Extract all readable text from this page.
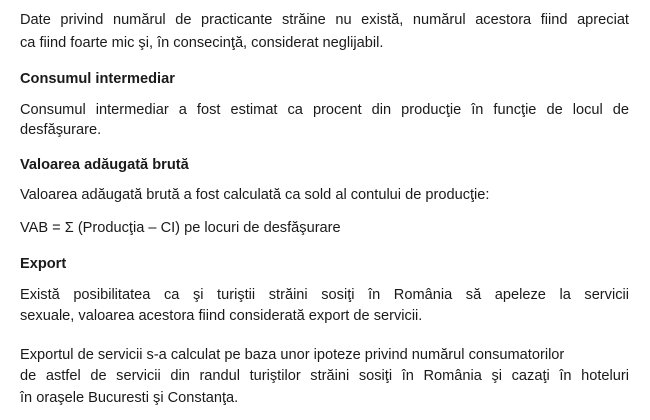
Date privind numărul de practicante străine nu există, numărul acestora fiind apreciat
ca fiind foarte mic şi, în consecinţă, considerat neglijabil.
Consumul intermediar
Consumul intermediar a fost estimat ca procent din producţie în funcţie de locul de
desfăşurare.
Valoarea adăugată brută
Valoarea adăugată brută a fost calculată ca sold al contului de producţie:
VAB = Σ (Producţia – CI) pe locuri de desfăşurare
Export
Există posibilitatea ca şi turiştii străini sosiţi în România să apeleze la servicii
sexuale, valoarea acestora fiind considerată export de servicii.
Exportul de servicii s-a calculat pe baza unor ipoteze privind numărul consumatorilor
de astfel de servicii din randul turiştilor străini sosiţi în România şi cazaţi în hoteluri
în oraşele Bucuresti şi Constanţa.
